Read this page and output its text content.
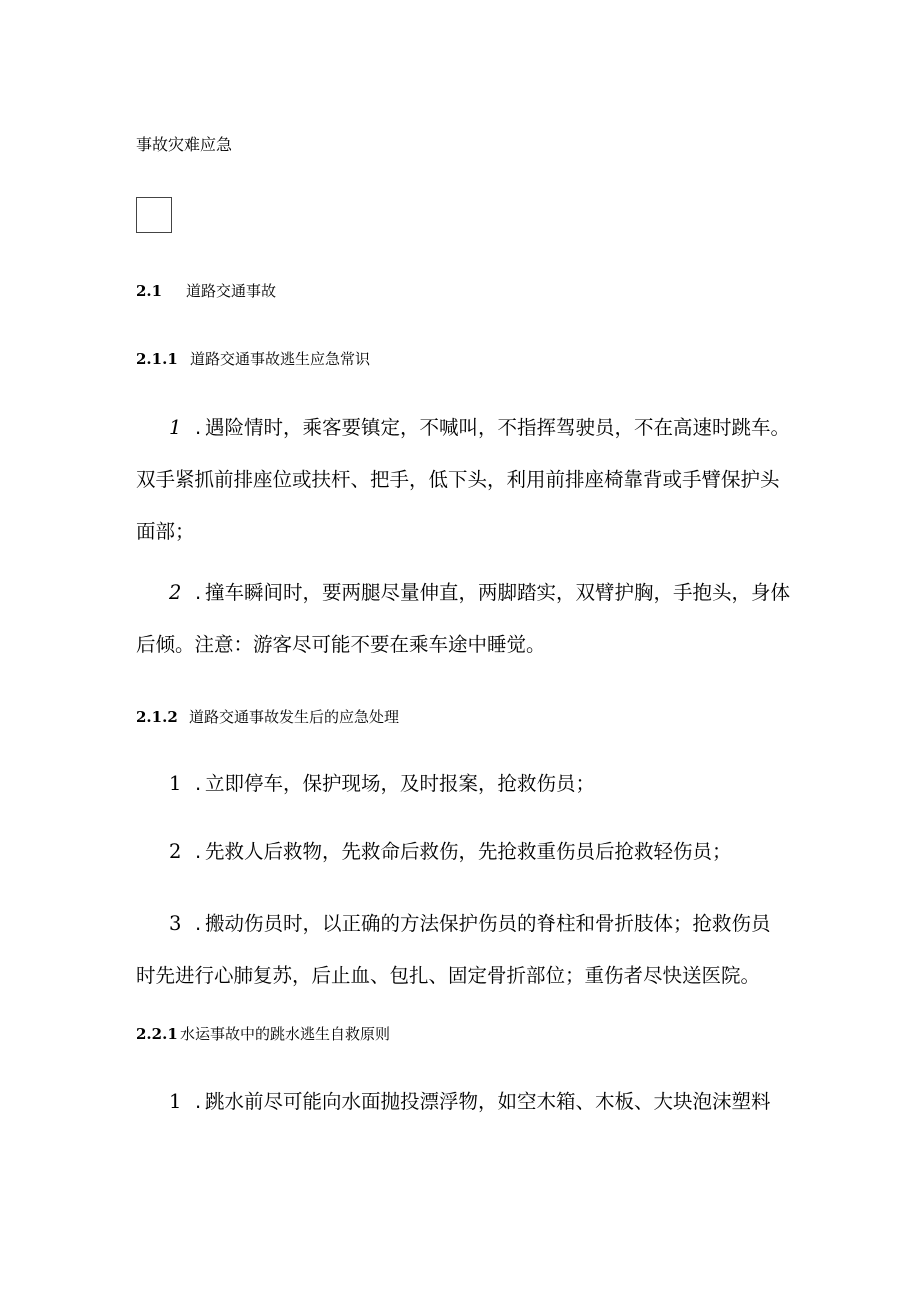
事故灾难应急
2.1 道路交通事故
2.1.1 道路交通事故逃生应急常识
1 . 遇险情时，乘客要镇定，不喊叫，不指挥驾驶员，不在高速时跳车。
双手紧抓前排座位或扶杆、把手，低下头，利用前排座椅靠背或手臂保护头
面部；
2 . 撞车瞬间时，要两腿尽量伸直，两脚踏实，双臂护胸，手抱头，身体
后倾。注意：游客尽可能不要在乘车途中睡觉。
2.1.2 道路交通事故发生后的应急处理
1 . 立即停车，保护现场，及时报案，抢救伤员；
2 . 先救人后救物，先救命后救伤，先抢救重伤员后抢救轻伤员；
3 . 搬动伤员时，以正确的方法保护伤员的脊柱和骨折肢体；抢救伤员
时先进行心肺复苏，后止血、包扎、固定骨折部位；重伤者尽快送医院。
2.2.1 水运事故中的跳水逃生自救原则
1 . 跳水前尽可能向水面抛投漂浮物，如空木箱、木板、大块泡沫塑料
